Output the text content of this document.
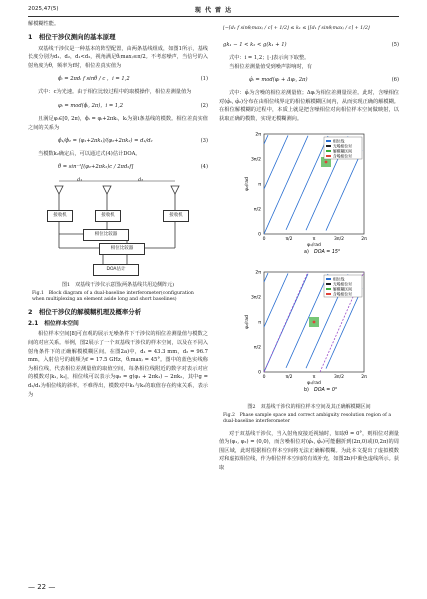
2025,47(5)	现 代 雷 达

解模糊性能。

1　相位干涉仪测向的基本原理

双基线干涉仪是一种基本的阵型配置，由两条基线组成，如图1所示，基线长度分别为d₁、d₂，d₁<d₂，视角满足θ₍max₎≤π/2。不考虑噪声，当信号的入射角度为θ，频率为f时，相位差真实值为

ϕᵢ = 2πdᵢ f sinθ / c ，i = 1,2	(1)

式中：c为光速。由于相位比较过程中的取模操作，相位差测量值为

φᵢ = mod(ϕᵢ, 2π)，i = 1,2	(2)

且满足φᵢ∈[0, 2π)，ϕᵢ = φᵢ+2πkᵢ，kᵢ为第i条基线的模数。相位差真实值之间的关系为

ϕ₁/ϕ₂ = (φ₁+2πk₁)/(φ₂+2πk₂) = d₁/d₂	(3)

当模数k₂确定后，可以通过式(4)估计DOA。

θ̂ = sin⁻¹[(φ₂+2πk₂)c / 2πd₂f]	(4)
d₁	d₂
接收机	接收机	接收机
相位比较器
相位比较器
DOA估计
图1　双基线干涉仪示意图(两条基线共用边侧阵元)
Fig.1　Block diagram of a dual-baseline interferometer(configuration when multiplexing an element aside long and short baselines)
2　相位干涉仪的解模糊机理及概率分析
2.1　相位样本空间

相位样本空间[8]可直观的展示无噪条件下干涉仪的相位差测量值与模数之间的对应关系。举例，图2展示了一个双基线干涉仪的样本空间，以及在不同入射角条件下的正确解模模糊区间。在图2a)中，d₁ = 43.3 mm，d₂ = 96.7 mm，入射信号的载频为f = 17.5 GHz，θ₍max₎ = 45°。图中的蓝色实线称为相位线，代表相位差测量值的取值空间，每条相位线附近的数字对表示对应的模数对|k₁, k₂|，相位线可以表示为φ₂ = g(φ₁ + 2πk₁) − 2πk₂，其中g = d₂/d₁为相位线的斜率。不难得出，模数对中k₁与k₂的取值存在约束关系，表示为

⌊−⌈d₁ f sinθ₍max₎ / c⌉ + 1/2⌋ ≤ k₁ ≤ ⌊⌈d₁ f sinθ₍max₎ / c⌉ + 1/2⌋
gk₁ − 1 < k₂ < g(k₁ + 1)	(5)

式中：i = 1,2；⌊·⌋表示向下取整。

当相位差测量值受到噪声影响时，有

φ̂ᵢ = mod(φᵢ + Δφᵢ, 2π)	(6)

式中：φ̂ᵢ为含噪的相位差测量值；Δφᵢ为相位差测量误差。此时，含噪相位对(φ̂₁, φ̂₂)分布在由相位线界定的相位解模糊区间内，从而实现正确的解模糊。在相位解模糊的过程中，本质上就是把含噪相位对向相位样本空间做映射，以获取正确的模数，实现无模糊测向。

0
π/2
π
3π/2
2π
0	π/2	π	3π/2	2π
φ₂/rad
φ₁/rad
相位线
无噪相位对
解模糊区间
含噪相位对
a) DOA = 15°
0
π/2
π
3π/2
2π
0	π/2	π	3π/2	2π
φ₂/rad
φ₁/rad
相位线
无噪相位对
解模糊区间
含噪相位对
b) DOA = 0°
图2　双基线干涉仪的相位样本空间及其正确解模糊区间
Fig.2　Phase sample space and correct ambiguity resolution region of a dual-baseline interferometer

对于双基线干涉仪，当入射角度接近视轴时，如取θ = 0°，则相位对测量值为(φ₁, φ₂) = (0,0)，而含噪相位对(φ̂₁, φ̂₂)可能翻折到(2π,0)或(0,2π)的周围区域，此时根据相位样本空间将无法正确解模糊。为此本文提出了虚拟模数对和虚拟相位线，作为相位样本空间的有效补充，如图2b)中紫色虚线所示。获取

— 22 —
